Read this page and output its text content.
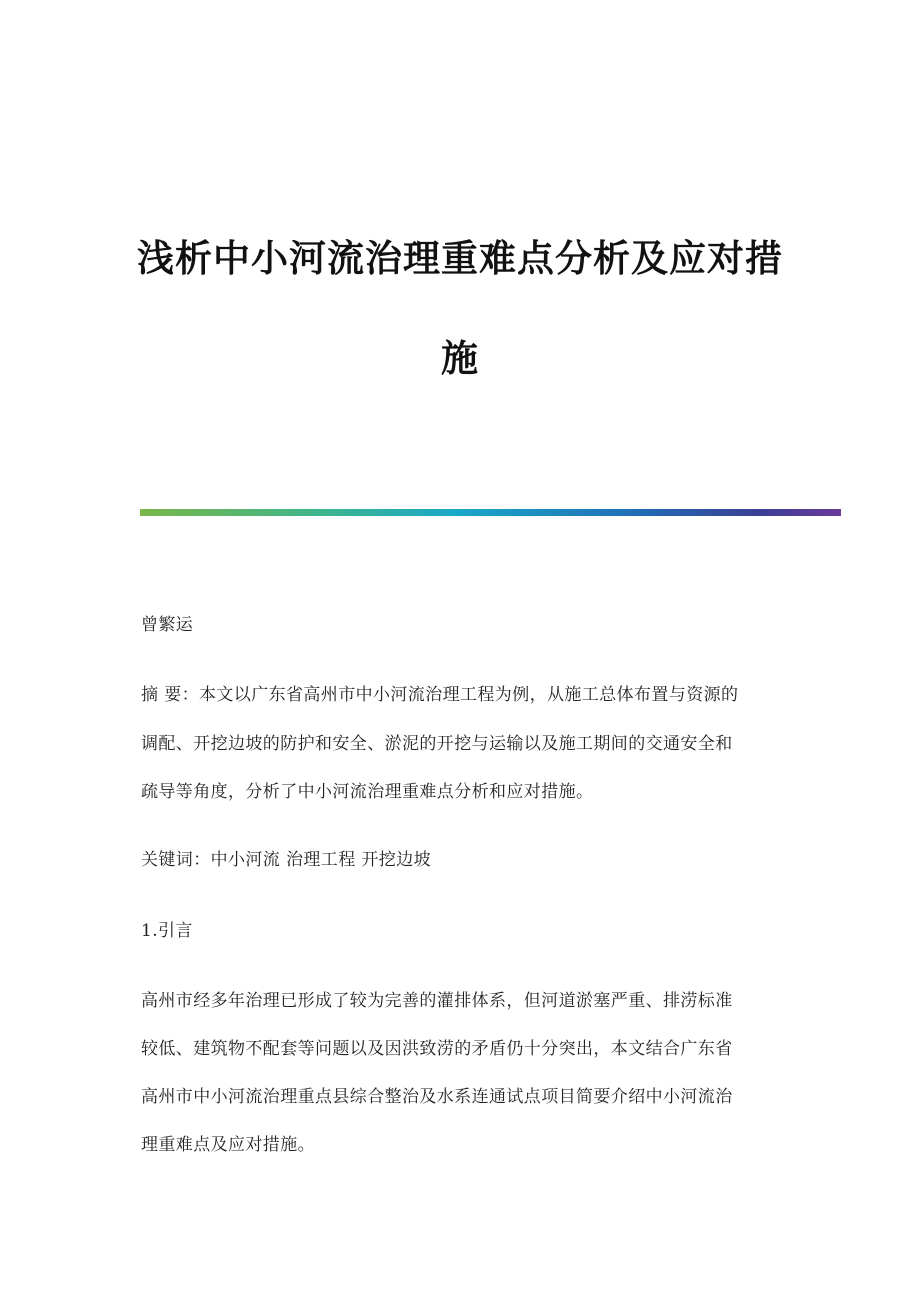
浅析中小河流治理重难点分析及应对措
施
曾繁运
摘 要：本文以广东省高州市中小河流治理工程为例，从施工总体布置与资源的
调配、开挖边坡的防护和安全、淤泥的开挖与运输以及施工期间的交通安全和
疏导等角度，分析了中小河流治理重难点分析和应对措施。
关键词：中小河流 治理工程 开挖边坡
1.引言
高州市经多年治理已形成了较为完善的灌排体系，但河道淤塞严重、排涝标准
较低、建筑物不配套等问题以及因洪致涝的矛盾仍十分突出，本文结合广东省
高州市中小河流治理重点县综合整治及水系连通试点项目简要介绍中小河流治
理重难点及应对措施。
